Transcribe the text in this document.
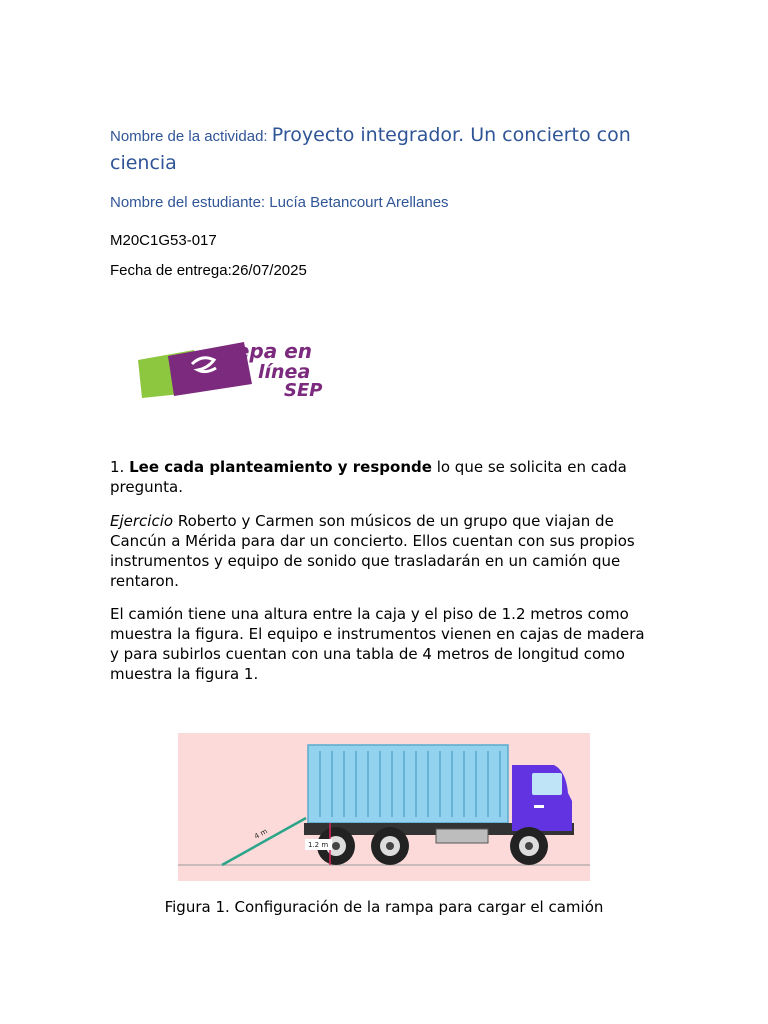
Nombre de la actividad: Proyecto integrador. Un concierto con ciencia
Nombre del estudiante: Lucía Betancourt Arellanes
M20C1G53-017
Fecha de entrega:26/07/2025
repa en
línea
SEP

1. Lee cada planteamiento y responde lo que se solicita en cada pregunta.

Ejercicio Roberto y Carmen son músicos de un grupo que viajan de Cancún a Mérida para dar un concierto. Ellos cuentan con sus propios instrumentos y equipo de sonido que trasladarán en un camión que rentaron.

El camión tiene una altura entre la caja y el piso de 1.2 metros como muestra la figura. El equipo e instrumentos vienen en cajas de madera y para subirlos cuentan con una tabla de 4 metros de longitud como muestra la figura 1.

4 m
1.2 m
Figura 1. Configuración de la rampa para cargar el camión
